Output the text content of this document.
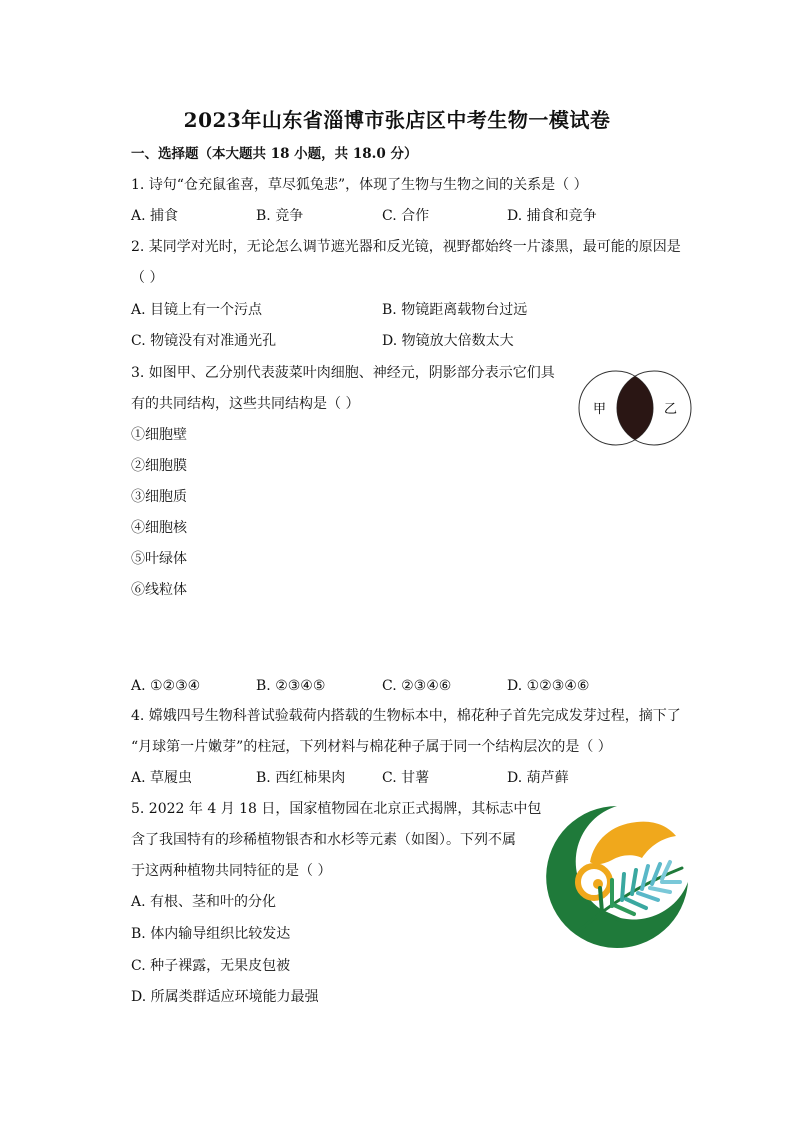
2023年山东省淄博市张店区中考生物一模试卷
一、选择题（本大题共 18 小题，共 18.0 分）
1. 诗句“仓充鼠雀喜，草尽狐兔悲”，体现了生物与生物之间的关系是（ ）
A. 捕食	B. 竞争	C. 合作	D. 捕食和竞争
2. 某同学对光时，无论怎么调节遮光器和反光镜，视野都始终一片漆黑，最可能的原因是
（ ）
A. 目镜上有一个污点	B. 物镜距离载物台过远
C. 物镜没有对准通光孔	D. 物镜放大倍数太大
3. 如图甲、乙分别代表菠菜叶肉细胞、神经元，阴影部分表示它们具
有的共同结构，这些共同结构是（ ）
①细胞壁
②细胞膜
③细胞质
④细胞核
⑤叶绿体
⑥线粒体
甲	乙
A. ①②③④	B. ②③④⑤	C. ②③④⑥	D. ①②③④⑥
4. 嫦娥四号生物科普试验载荷内搭载的生物标本中，棉花种子首先完成发芽过程，摘下了
“月球第一片嫩芽”的柱冠，下列材料与棉花种子属于同一个结构层次的是（ ）
A. 草履虫	B. 西红柿果肉	C. 甘薯	D. 葫芦藓
5. 2022 年 4 月 18 日，国家植物园在北京正式揭牌，其标志中包
含了我国特有的珍稀植物银杏和水杉等元素（如图）。下列不属
于这两种植物共同特征的是（ ）
A. 有根、茎和叶的分化
B. 体内输导组织比较发达
C. 种子裸露，无果皮包被
D. 所属类群适应环境能力最强
